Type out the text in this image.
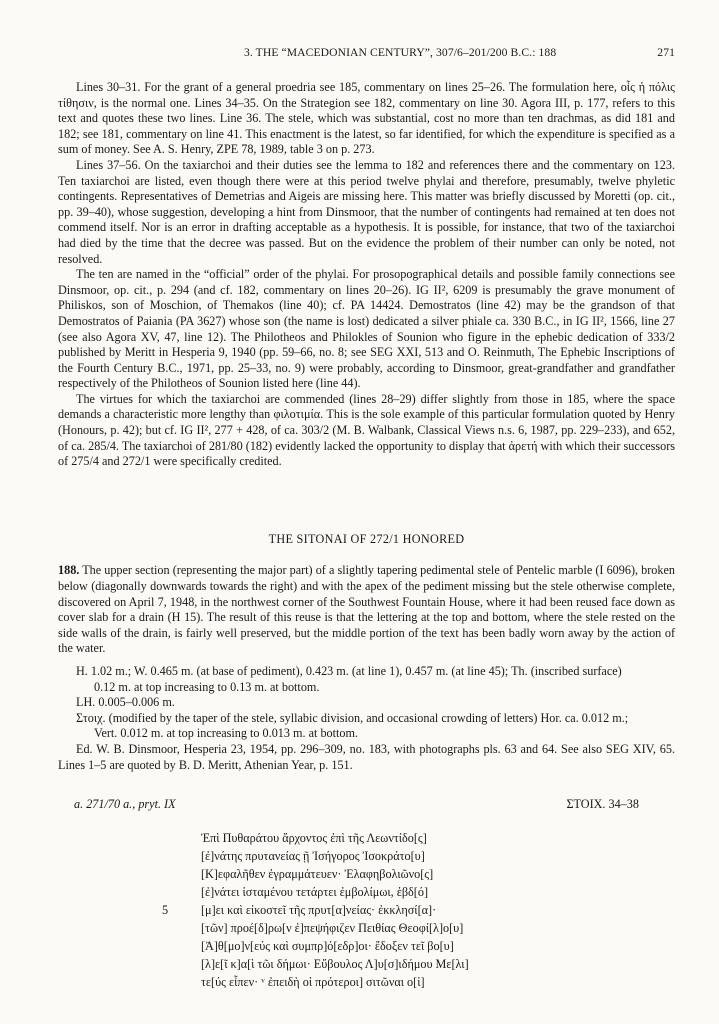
3. THE “MACEDONIAN CENTURY”, 307/6–201/200 B.C.: 188	271

Lines 30–31. For the grant of a general proedria see 185, commentary on lines 25–26. The formulation here, oἷς ἡ πόλις τίθησιν, is the normal one. Lines 34–35. On the Strategion see 182, commentary on line 30. Agora III, p. 177, refers to this text and quotes these two lines. Line 36. The stele, which was substantial, cost no more than ten drachmas, as did 181 and 182; see 181, commentary on line 41. This enactment is the latest, so far identified, for which the expenditure is specified as a sum of money. See A. S. Henry, ZPE 78, 1989, table 3 on p. 273.

Lines 37–56. On the taxiarchoi and their duties see the lemma to 182 and references there and the commentary on 123. Ten taxiarchoi are listed, even though there were at this period twelve phylai and therefore, presumably, twelve phyletic contingents. Representatives of Demetrias and Aigeis are missing here. This matter was briefly discussed by Moretti (op. cit., pp. 39–40), whose suggestion, developing a hint from Dinsmoor, that the number of contingents had remained at ten does not commend itself. Nor is an error in drafting acceptable as a hypothesis. It is possible, for instance, that two of the taxiarchoi had died by the time that the decree was passed. But on the evidence the problem of their number can only be noted, not resolved.

The ten are named in the “official” order of the phylai. For prosopographical details and possible family connections see Dinsmoor, op. cit., p. 294 (and cf. 182, commentary on lines 20–26). IG II², 6209 is presumably the grave monument of Philiskos, son of Moschion, of Themakos (line 40); cf. PA 14424. Demostratos (line 42) may be the grandson of that Demostratos of Paiania (PA 3627) whose son (the name is lost) dedicated a silver phiale ca. 330 B.C., in IG II², 1566, line 27 (see also Agora XV, 47, line 12). The Philotheos and Philokles of Sounion who figure in the ephebic dedication of 333/2 published by Meritt in Hesperia 9, 1940 (pp. 59–66, no. 8; see SEG XXI, 513 and O. Reinmuth, The Ephebic Inscriptions of the Fourth Century B.C., 1971, pp. 25–33, no. 9) were probably, according to Dinsmoor, great-grandfather and grandfather respectively of the Philotheos of Sounion listed here (line 44).

The virtues for which the taxiarchoi are commended (lines 28–29) differ slightly from those in 185, where the space demands a characteristic more lengthy than φιλοτιμία. This is the sole example of this particular formulation quoted by Henry (Honours, p. 42); but cf. IG II², 277 + 428, of ca. 303/2 (M. B. Walbank, Classical Views n.s. 6, 1987, pp. 229–233), and 652, of ca. 285/4. The taxiarchoi of 281/80 (182) evidently lacked the opportunity to display that ἀρετή with which their successors of 275/4 and 272/1 were specifically credited.

THE SITONAI OF 272/1 HONORED

188. The upper section (representing the major part) of a slightly tapering pedimental stele of Pentelic marble (I 6096), broken below (diagonally downwards towards the right) and with the apex of the pediment missing but the stele otherwise complete, discovered on April 7, 1948, in the northwest corner of the Southwest Fountain House, where it had been reused face down as cover slab for a drain (H 15). The result of this reuse is that the lettering at the top and bottom, where the stele rested on the side walls of the drain, is fairly well preserved, but the middle portion of the text has been badly worn away by the action of the water.

H. 1.02 m.; W. 0.465 m. (at base of pediment), 0.423 m. (at line 1), 0.457 m. (at line 45); Th. (inscribed surface)
0.12 m. at top increasing to 0.13 m. at bottom.
LH. 0.005–0.006 m.
Στοιχ. (modified by the taper of the stele, syllabic division, and occasional crowding of letters) Hor. ca. 0.012 m.;
Vert. 0.012 m. at top increasing to 0.013 m. at bottom.

Ed. W. B. Dinsmoor, Hesperia 23, 1954, pp. 296–309, no. 183, with photographs pls. 63 and 64. See also SEG XIV, 65. Lines 1–5 are quoted by B. D. Meritt, Athenian Year, p. 151.

a. 271/70 a., pryt. IX	ΣΤΟΙΧ. 34–38
Ἐπὶ Πυθαράτου ἄρχοντος ἐπὶ τῆς Λεωντίδο[ς]
[ἐ]νάτης πρυτανείας ῇ Ἰσήγορος Ἰσοκράτο[υ]
[Κ]εφαλῆθεν ἐγραμμάτευεν· Ἐλαφηβολιῶνο[ς]
[ἐ]νάτει ἱσταμένου τετάρτει ἐμβολίμωι, ἑβδ[ό]
5	[μ]ει καὶ εἰκοστεῖ τῆς πρυτ[α]νείας· ἐκκλησί[α]·
[τῶν] προέ[δ]ρω[ν ἐ]πεψήφιζεν Πειθίας Θεοφί[λ]ο[υ]
[Ἀ]θ[μο]ν[εύς καὶ συμπρ]ό[εδρ]οι· ἔδοξεν τεῖ βο[υ]
[λ]ε[ῖ κ]α[ὶ τῶι δήμωι· Εὔβουλος Λ]υ[σ]ιδήμου Με[λι]
τε[ύς εἶπεν· ᵛ ἐπειδὴ οἱ πρότεροι] σιτῶναι ο[ἱ]
